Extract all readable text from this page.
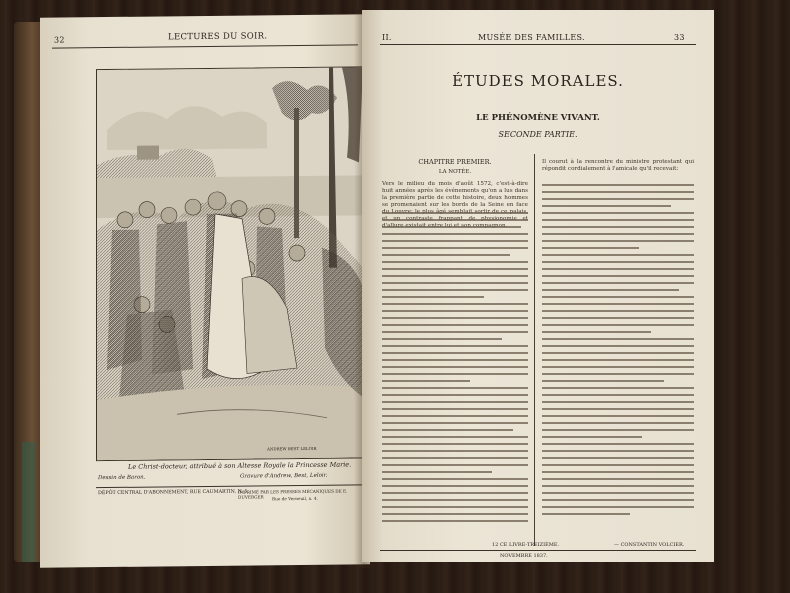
32	LECTURES DU SOIR.
ANDREW BEST LELOIR
Le Christ-docteur, attribué à son Altesse Royale la Princesse Marie.
Dessin de Baron.	Gravure d'Andrew, Best, Leloir.
DÉPÔT CENTRAL D'ABONNEMENT, RUE CAUMARTIN, N. 1.
IMPRIMÉ PAR LES PRESSES MÉCANIQUES DE E. DUVERGER	Rue de Verneuil, n. 4.
II.	MUSÉE DES FAMILLES.	33
ÉTUDES MORALES.
LE PHÉNOMÈNE VIVANT.
SECONDE PARTIE.
CHAPITRE PREMIER.
LA NOTÉE.
Vers le milieu du mois d'août 1572, c'est-à-dire huit années après les événements qu'on a lus dans la première partie de cette histoire, deux hommes se promenaient sur les bords de la Seine en face
Il courut à la rencontre du ministre protestant qui répondit cordialement à l'amicale qu'il recevait:
12 CE LIVRE-TREIZIÈME.
NOVEMBRE 1837.
— CONSTANTIN VOLCIER.
